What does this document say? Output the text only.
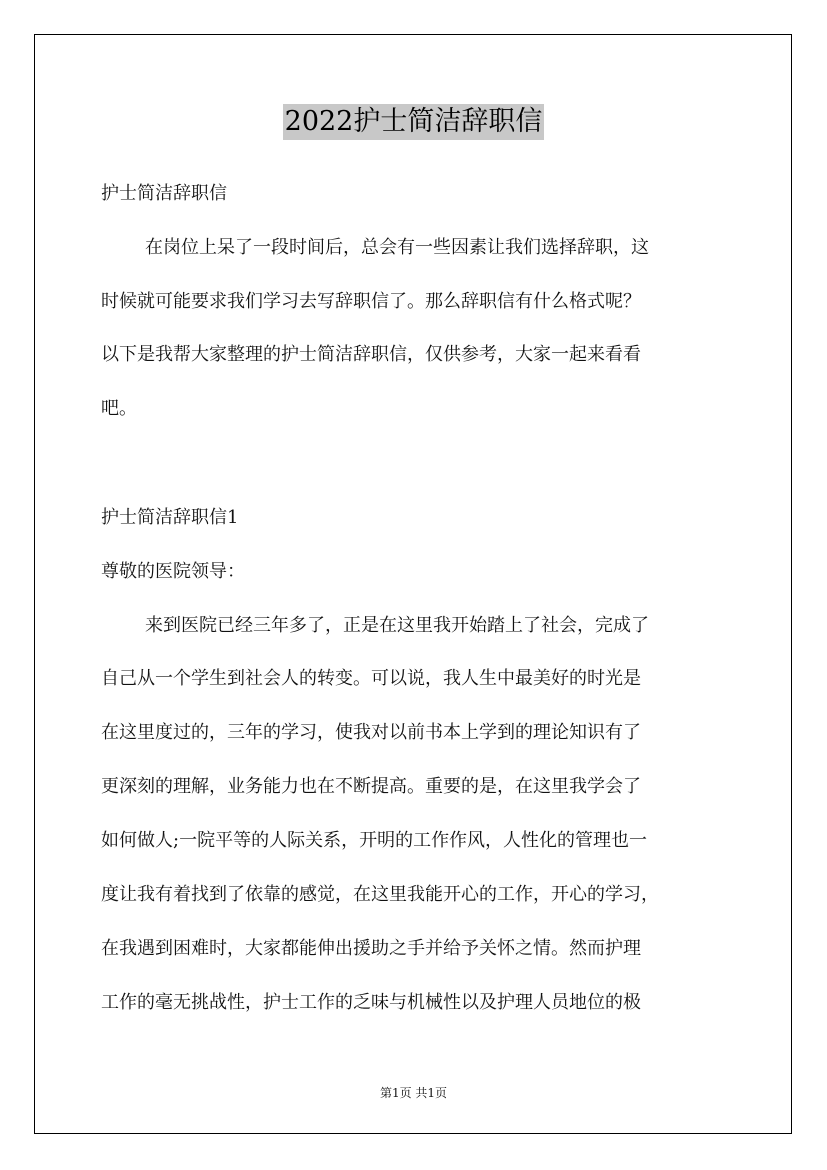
2022护士简洁辞职信
护士简洁辞职信
在岗位上呆了一段时间后，总会有一些因素让我们选择辞职，这
时候就可能要求我们学习去写辞职信了。那么辞职信有什么格式呢？
以下是我帮大家整理的护士简洁辞职信，仅供参考，大家一起来看看
吧。
护士简洁辞职信1
尊敬的医院领导：
来到医院已经三年多了，正是在这里我开始踏上了社会，完成了
自己从一个学生到社会人的转变。可以说，我人生中最美好的时光是
在这里度过的，三年的学习，使我对以前书本上学到的理论知识有了
更深刻的理解，业务能力也在不断提高。重要的是，在这里我学会了
如何做人;一院平等的人际关系，开明的工作作风，人性化的管理也一
度让我有着找到了依靠的感觉，在这里我能开心的工作，开心的学习，
在我遇到困难时，大家都能伸出援助之手并给予关怀之情。然而护理
工作的毫无挑战性，护士工作的乏味与机械性以及护理人员地位的极
第1页 共1页
